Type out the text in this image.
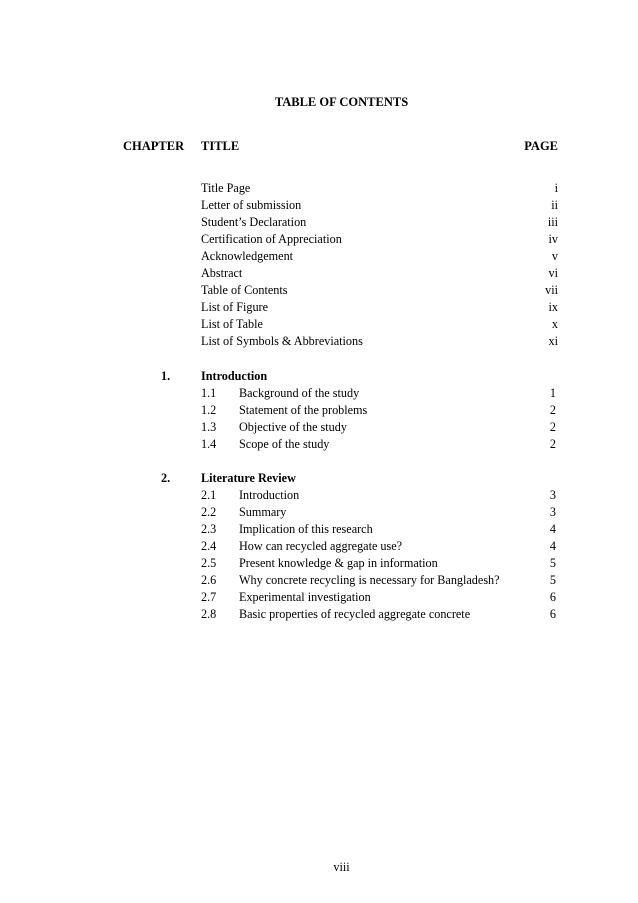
TABLE OF CONTENTS
CHAPTER TITLE	PAGE
Title Page	i
Letter of submission	ii
Student’s Declaration	iii
Certification of Appreciation	iv
Acknowledgement	v
Abstract	vi
Table of Contents	vii
List of Figure	ix
List of Table	x
List of Symbols & Abbreviations	xi
1.	Introduction
1.1 Background of the study	1
1.2 Statement of the problems	2
1.3 Objective of the study	2
1.4 Scope of the study	2
2.	Literature Review
2.1 Introduction	3
2.2 Summary	3
2.3 Implication of this research	4
2.4 How can recycled aggregate use?	4
2.5 Present knowledge & gap in information	5
2.6 Why concrete recycling is necessary for Bangladesh?	5
2.7 Experimental investigation	6
2.8 Basic properties of recycled aggregate concrete	6
viii
